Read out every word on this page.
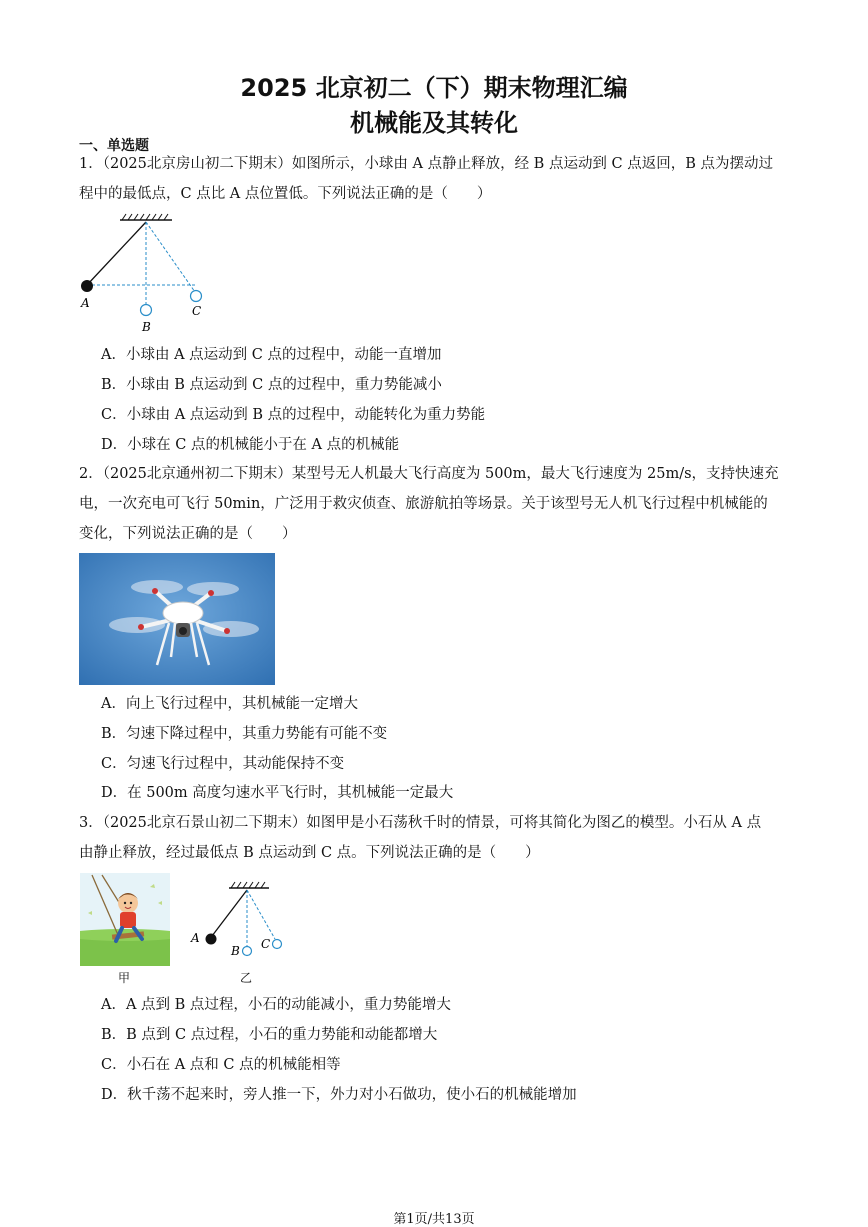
2025 北京初二（下）期末物理汇编
机械能及其转化
一、单选题
1．（2025北京房山初二下期末）如图所示，小球由 A 点静止释放，经 B 点运动到 C 点返回，B 点为摆动过
程中的最低点，C 点比 A 点位置低。下列说法正确的是（　　）
A
B
C
A．小球由 A 点运动到 C 点的过程中，动能一直增加
B．小球由 B 点运动到 C 点的过程中，重力势能减小
C．小球由 A 点运动到 B 点的过程中，动能转化为重力势能
D．小球在 C 点的机械能小于在 A 点的机械能
2．（2025北京通州初二下期末）某型号无人机最大飞行高度为 500m，最大飞行速度为 25m/s，支持快速充
电，一次充电可飞行 50min，广泛用于救灾侦查、旅游航拍等场景。关于该型号无人机飞行过程中机械能的
变化，下列说法正确的是（　　）
A．向上飞行过程中，其机械能一定增大
B．匀速下降过程中，其重力势能有可能不变
C．匀速飞行过程中，其动能保持不变
D．在 500m 高度匀速水平飞行时，其机械能一定最大
3．（2025北京石景山初二下期末）如图甲是小石荡秋千时的情景，可将其简化为图乙的模型。小石从 A 点
由静止释放，经过最低点 B 点运动到 C 点。下列说法正确的是（　　）
甲
A
B C
乙
A．A 点到 B 点过程，小石的动能减小，重力势能增大
B．B 点到 C 点过程，小石的重力势能和动能都增大
C．小石在 A 点和 C 点的机械能相等
D．秋千荡不起来时，旁人推一下，外力对小石做功，使小石的机械能增加
第1页/共13页
